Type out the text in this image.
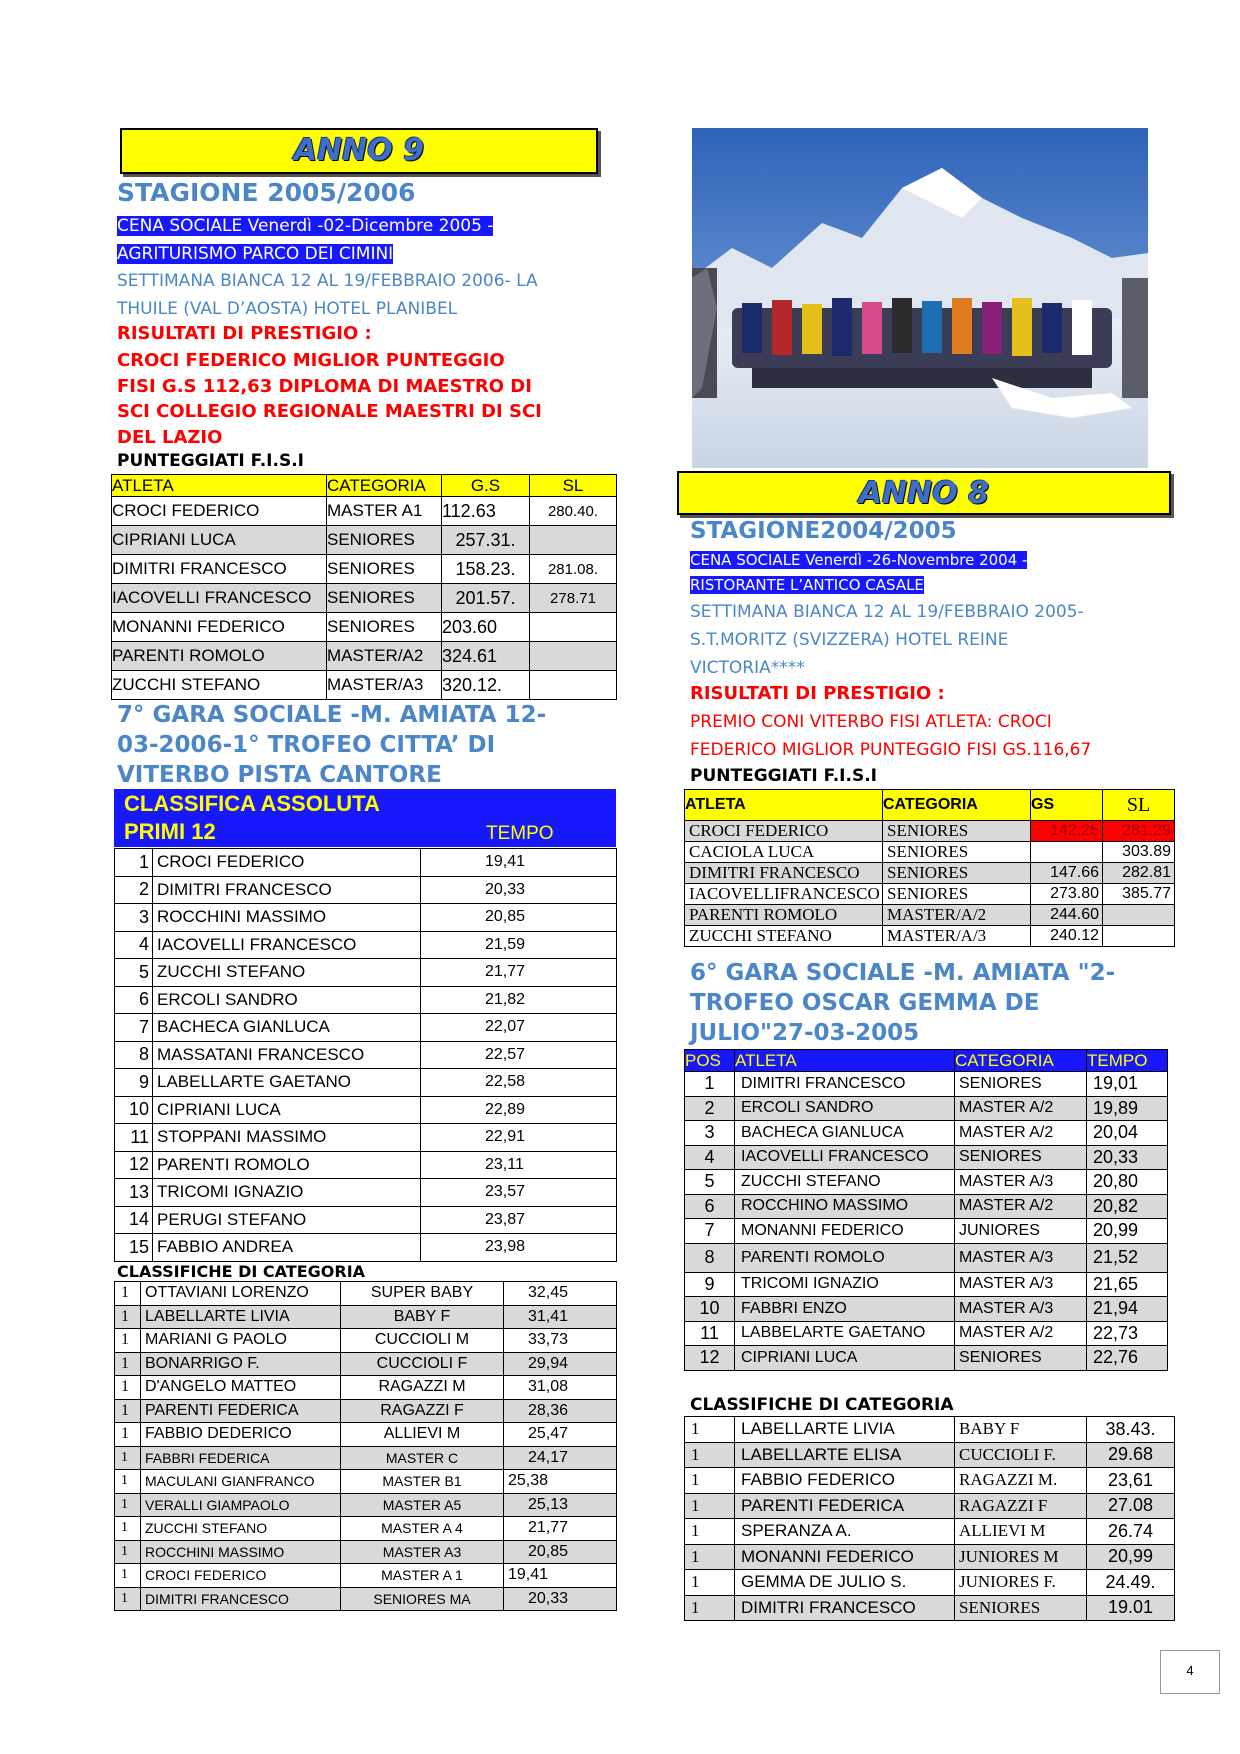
ANNO 9
STAGIONE 2005/2006
CENA SOCIALE Venerdì -02-Dicembre 2005 -
AGRITURISMO PARCO DEI CIMINI
SETTIMANA BIANCA 12 AL 19/FEBBRAIO 2006- LA
THUILE (VAL D’AOSTA) HOTEL PLANIBEL
RISULTATI DI PRESTIGIO :
CROCI FEDERICO MIGLIOR PUNTEGGIO
FISI G.S 112,63 DIPLOMA DI MAESTRO DI
SCI COLLEGIO REGIONALE MAESTRI DI SCI
DEL LAZIO
PUNTEGGIATI F.I.S.I
ATLETA	CATEGORIA	G.S	SL
CROCI FEDERICO	MASTER A1	112.63	280.40.
CIPRIANI LUCA	SENIORES	257.31.	
DIMITRI FRANCESCO	SENIORES	158.23.	281.08.
IACOVELLI FRANCESCO	SENIORES	201.57.	278.71
MONANNI FEDERICO	SENIORES	203.60	
PARENTI ROMOLO	MASTER/A2	324.61	
ZUCCHI STEFANO	MASTER/A3	320.12.	
7° GARA SOCIALE -M. AMIATA 12-
03-2006-1° TROFEO CITTA’ DI
VITERBO PISTA CANTORE
CLASSIFICA ASSOLUTA
PRIMI 12	TEMPO
1	CROCI FEDERICO	19,41
2	DIMITRI FRANCESCO	20,33
3	ROCCHINI MASSIMO	20,85
4	IACOVELLI FRANCESCO	21,59
5	ZUCCHI STEFANO	21,77
6	ERCOLI SANDRO	21,82
7	BACHECA GIANLUCA	22,07
8	MASSATANI FRANCESCO	22,57
9	LABELLARTE GAETANO	22,58
10	CIPRIANI LUCA	22,89
11	STOPPANI MASSIMO	22,91
12	PARENTI ROMOLO	23,11
13	TRICOMI IGNAZIO	23,57
14	PERUGI STEFANO	23,87
15	FABBIO ANDREA	23,98
CLASSIFICHE DI CATEGORIA
1	OTTAVIANI LORENZO	SUPER BABY	32,45
1	LABELLARTE LIVIA	BABY F	31,41
1	MARIANI G PAOLO	CUCCIOLI M	33,73
1	BONARRIGO F.	CUCCIOLI F	29,94
1	D'ANGELO MATTEO	RAGAZZI M	31,08
1	PARENTI FEDERICA	RAGAZZI F	28,36
1	FABBIO DEDERICO	ALLIEVI M	25,47
1	FABBRI FEDERICA	MASTER C	24,17
1	MACULANI GIANFRANCO	MASTER B1	25,38
1	VERALLI GIAMPAOLO	MASTER A5	25,13
1	ZUCCHI STEFANO	MASTER A 4	21,77
1	ROCCHINI MASSIMO	MASTER A3	20,85
1	CROCI FEDERICO	MASTER A 1	19,41
1	DIMITRI FRANCESCO	SENIORES MA	20,33
ANNO 8
STAGIONE2004/2005
CENA SOCIALE Venerdì -26-Novembre 2004 -
RISTORANTE L’ANTICO CASALE
SETTIMANA BIANCA 12 AL 19/FEBBRAIO 2005-
S.T.MORITZ (SVIZZERA) HOTEL REINE
VICTORIA****
RISULTATI DI PRESTIGIO :
PREMIO CONI VITERBO FISI ATLETA: CROCI
FEDERICO MIGLIOR PUNTEGGIO FISI GS.116,67
PUNTEGGIATI F.I.S.I
ATLETA	CATEGORIA	GS	SL
CROCI FEDERICO	SENIORES	142.25	281.29
CACIOLA LUCA	SENIORES		303.89
DIMITRI FRANCESCO	SENIORES	147.66	282.81
IACOVELLIFRANCESCO	SENIORES	273.80	385.77
PARENTI ROMOLO	MASTER/A/2	244.60	
ZUCCHI STEFANO	MASTER/A/3	240.12	
6° GARA SOCIALE -M. AMIATA "2-
TROFEO OSCAR GEMMA DE
JULIO"27-03-2005
POS	ATLETA	CATEGORIA	TEMPO
1	DIMITRI FRANCESCO	SENIORES	19,01
2	ERCOLI SANDRO	MASTER A/2	19,89
3	BACHECA GIANLUCA	MASTER A/2	20,04
4	IACOVELLI FRANCESCO	SENIORES	20,33
5	ZUCCHI STEFANO	MASTER A/3	20,80
6	ROCCHINO MASSIMO	MASTER A/2	20,82
7	MONANNI FEDERICO	JUNIORES	20,99
8	PARENTI ROMOLO	MASTER A/3	21,52
9	TRICOMI IGNAZIO	MASTER A/3	21,65
10	FABBRI ENZO	MASTER A/3	21,94
11	LABBELARTE GAETANO	MASTER A/2	22,73
12	CIPRIANI LUCA	SENIORES	22,76
CLASSIFICHE DI CATEGORIA
1	LABELLARTE LIVIA	BABY F	38.43.
1	LABELLARTE ELISA	CUCCIOLI F.	29.68
1	FABBIO FEDERICO	RAGAZZI M.	23,61
1	PARENTI FEDERICA	RAGAZZI F	27.08
1	SPERANZA A.	ALLIEVI M	26.74
1	MONANNI FEDERICO	JUNIORES M	20,99
1	GEMMA DE JULIO S.	JUNIORES F.	24.49.
1	DIMITRI FRANCESCO	SENIORES	19.01
4
